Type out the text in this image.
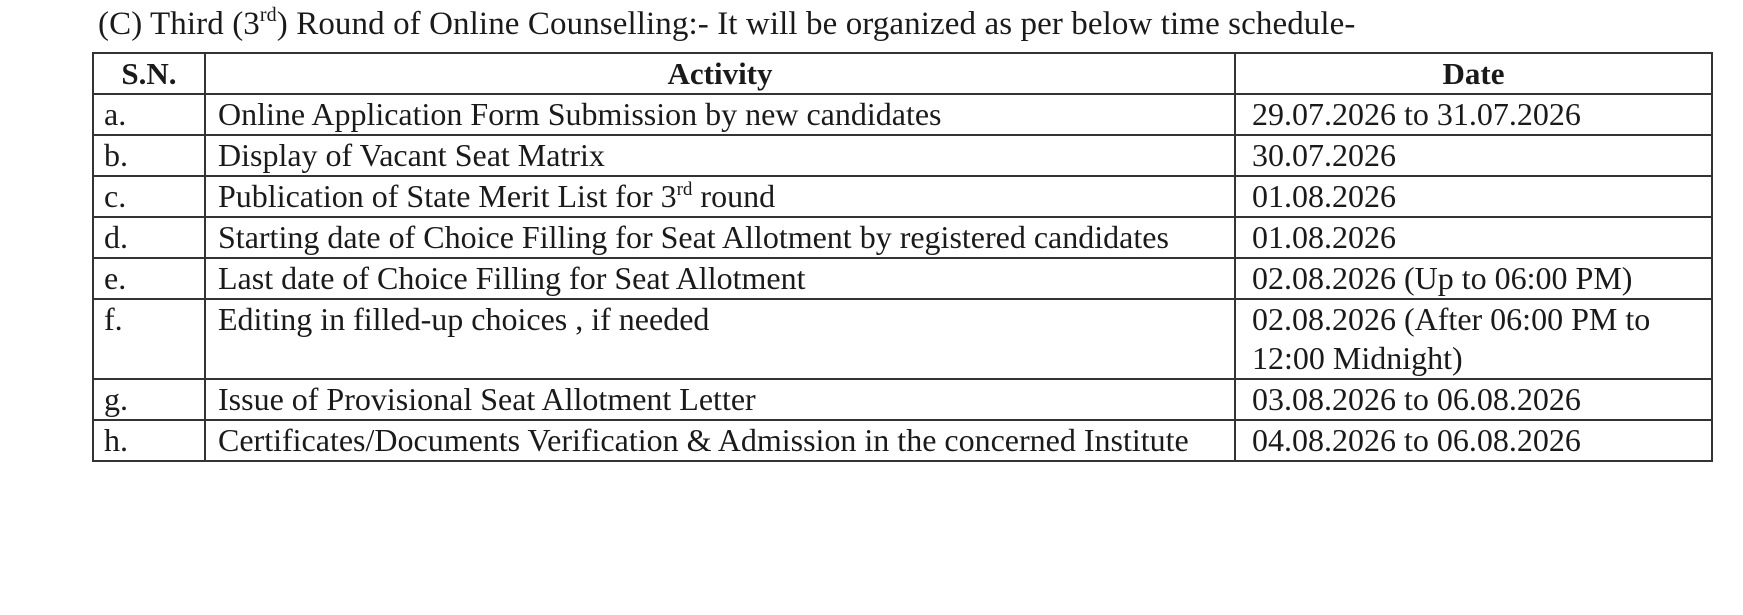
(C) Third (3rd) Round of Online Counselling:- It will be organized as per below time schedule-
S.N.	Activity	Date
a.	Online Application Form Submission by new candidates	29.07.2026 to 31.07.2026
b.	Display of Vacant Seat Matrix	30.07.2026
c.	Publication of State Merit List for 3rd round	01.08.2026
d.	Starting date of Choice Filling for Seat Allotment by registered candidates	01.08.2026
e.	Last date of Choice Filling for Seat Allotment	02.08.2026 (Up to 06:00 PM)
f.	Editing in filled-up choices , if needed	02.08.2026 (After 06:00 PM to 12:00 Midnight)
g.	Issue of Provisional Seat Allotment Letter	03.08.2026 to 06.08.2026
h.	Certificates/Documents Verification & Admission in the concerned Institute	04.08.2026 to 06.08.2026
